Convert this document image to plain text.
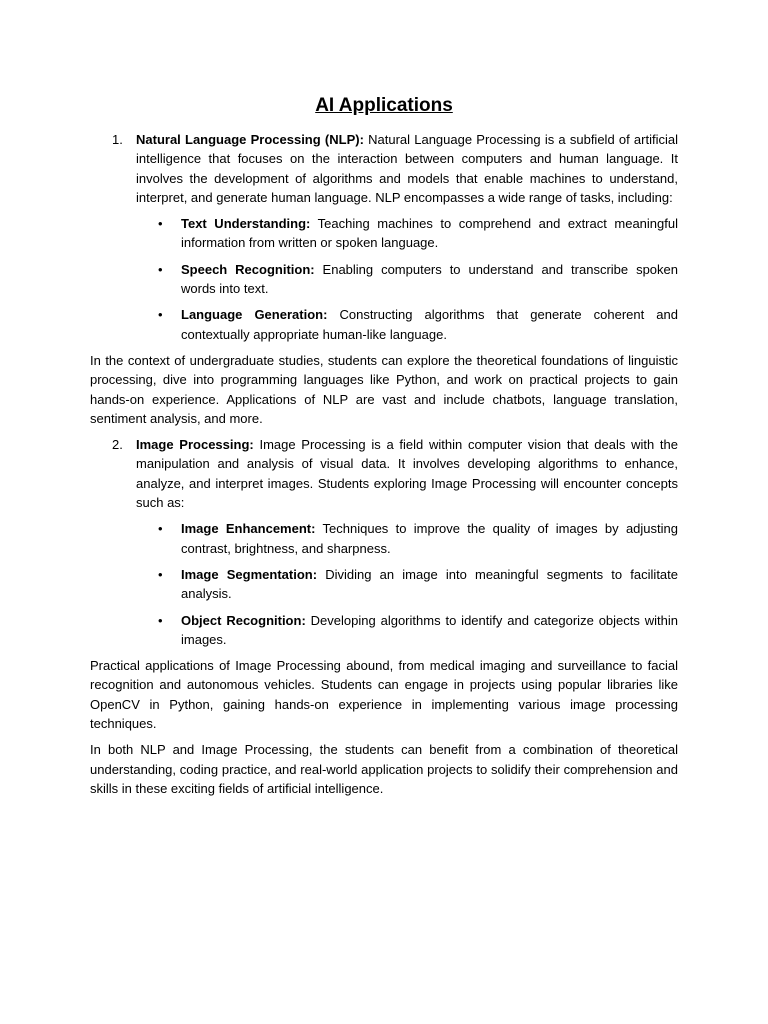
AI Applications
1. Natural Language Processing (NLP): Natural Language Processing is a subfield of artificial intelligence that focuses on the interaction between computers and human language. It involves the development of algorithms and models that enable machines to understand, interpret, and generate human language. NLP encompasses a wide range of tasks, including:
• Text Understanding: Teaching machines to comprehend and extract meaningful information from written or spoken language.
• Speech Recognition: Enabling computers to understand and transcribe spoken words into text.
• Language Generation: Constructing algorithms that generate coherent and contextually appropriate human-like language.

In the context of undergraduate studies, students can explore the theoretical foundations of linguistic processing, dive into programming languages like Python, and work on practical projects to gain hands-on experience. Applications of NLP are vast and include chatbots, language translation, sentiment analysis, and more.

2. Image Processing: Image Processing is a field within computer vision that deals with the manipulation and analysis of visual data. It involves developing algorithms to enhance, analyze, and interpret images. Students exploring Image Processing will encounter concepts such as:
• Image Enhancement: Techniques to improve the quality of images by adjusting contrast, brightness, and sharpness.
• Image Segmentation: Dividing an image into meaningful segments to facilitate analysis.
• Object Recognition: Developing algorithms to identify and categorize objects within images.

Practical applications of Image Processing abound, from medical imaging and surveillance to facial recognition and autonomous vehicles. Students can engage in projects using popular libraries like OpenCV in Python, gaining hands-on experience in implementing various image processing techniques.

In both NLP and Image Processing, the students can benefit from a combination of theoretical understanding, coding practice, and real-world application projects to solidify their comprehension and skills in these exciting fields of artificial intelligence.
